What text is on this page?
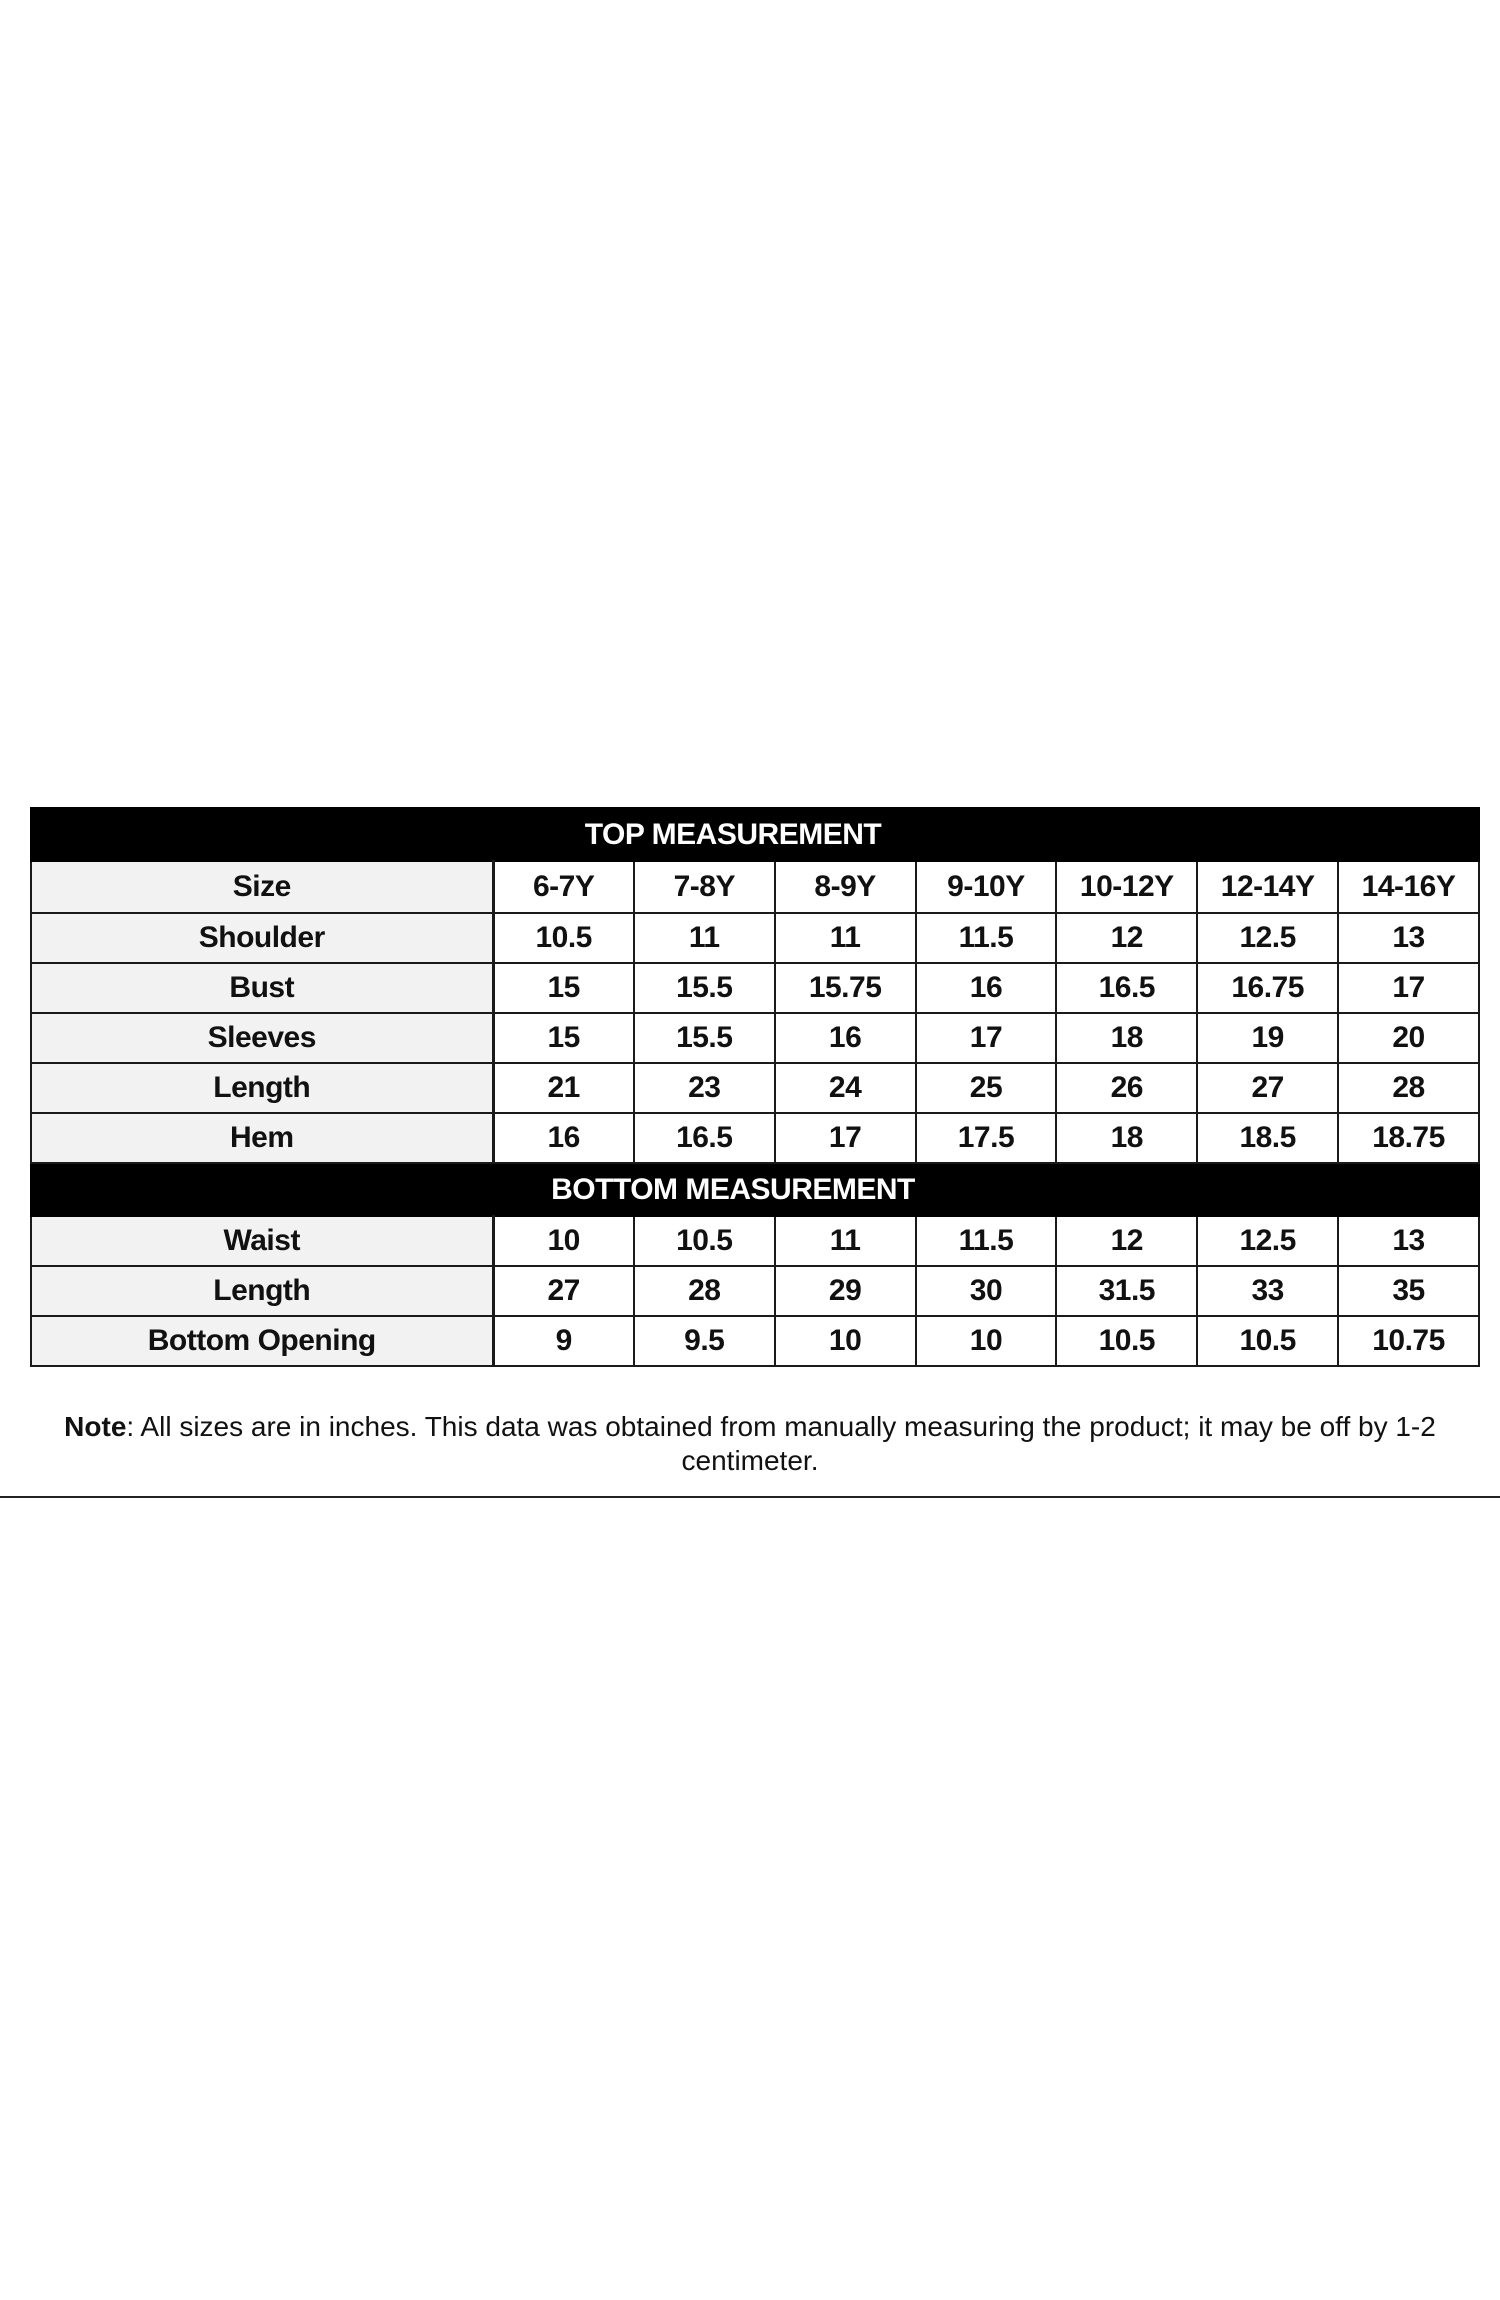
TOP MEASUREMENT							
Size	6-7Y	7-8Y	8-9Y	9-10Y	10-12Y	12-14Y	14-16Y
Shoulder	10.5	11	11	11.5	12	12.5	13
Bust	15	15.5	15.75	16	16.5	16.75	17
Sleeves	15	15.5	16	17	18	19	20
Length	21	23	24	25	26	27	28
Hem	16	16.5	17	17.5	18	18.5	18.75
BOTTOM MEASUREMENT							
Waist	10	10.5	11	11.5	12	12.5	13
Length	27	28	29	30	31.5	33	35
Bottom Opening	9	9.5	10	10	10.5	10.5	10.75
Note: All sizes are in inches. This data was obtained from manually measuring the product; it may be off by 1-2 centimeter.
